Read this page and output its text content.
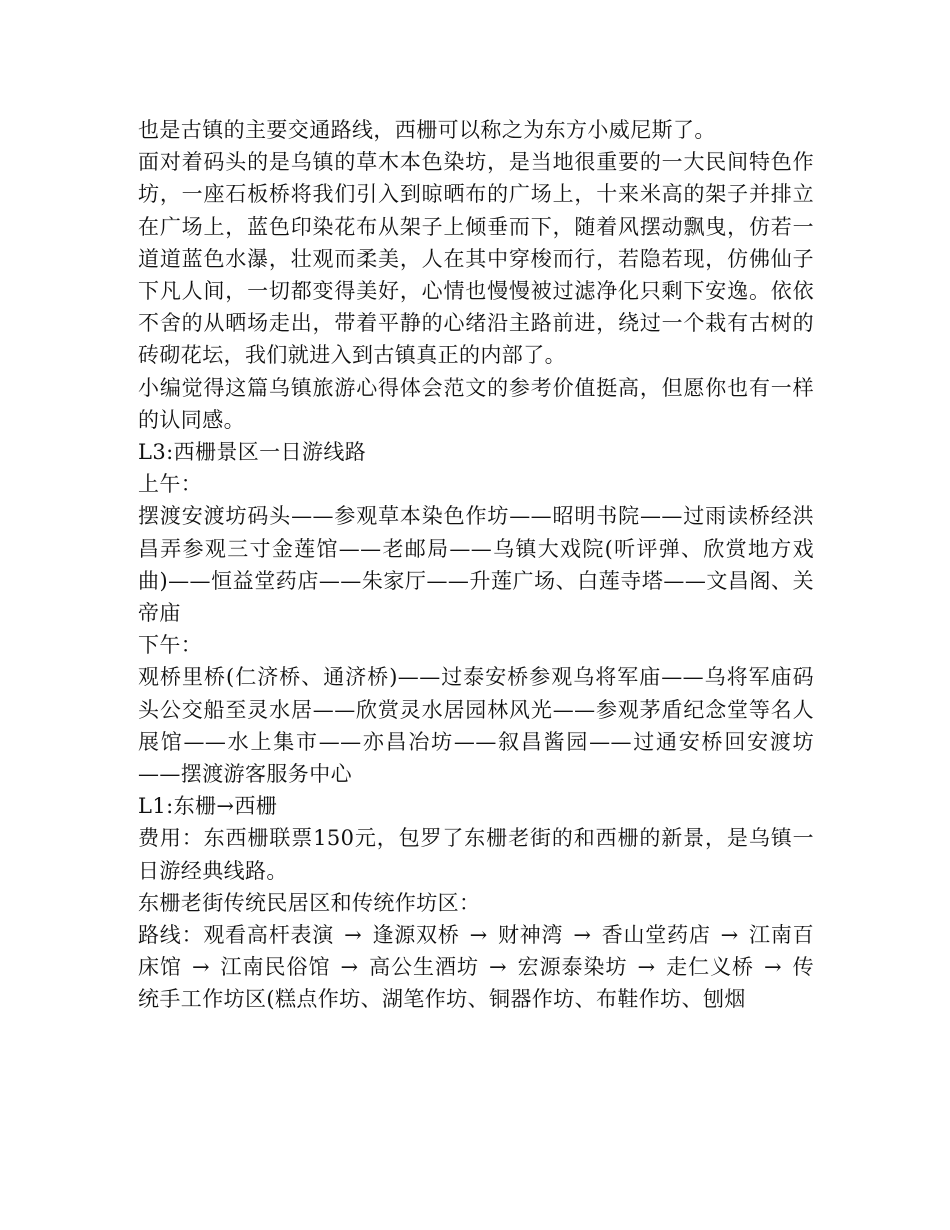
也是古镇的主要交通路线，西栅可以称之为东方小威尼斯了。

面对着码头的是乌镇的草木本色染坊，是当地很重要的一大民间特色作坊，一座石板桥将我们引入到晾晒布的广场上，十来米高的架子并排立在广场上，蓝色印染花布从架子上倾垂而下，随着风摆动飘曳，仿若一道道蓝色水瀑，壮观而柔美，人在其中穿梭而行，若隐若现，仿佛仙子下凡人间，一切都变得美好，心情也慢慢被过滤净化只剩下安逸。依依不舍的从晒场走出，带着平静的心绪沿主路前进，绕过一个栽有古树的砖砌花坛，我们就进入到古镇真正的内部了。

小编觉得这篇乌镇旅游心得体会范文的参考价值挺高，但愿你也有一样的认同感。

L3:西栅景区一日游线路

上午：

摆渡安渡坊码头——参观草本染色作坊——昭明书院——过雨读桥经洪昌弄参观三寸金莲馆——老邮局——乌镇大戏院(听评弹、欣赏地方戏曲)——恒益堂药店——朱家厅——升莲广场、白莲寺塔——文昌阁、关帝庙

下午：

观桥里桥(仁济桥、通济桥)——过泰安桥参观乌将军庙——乌将军庙码头公交船至灵水居——欣赏灵水居园林风光——参观茅盾纪念堂等名人展馆——水上集市——亦昌冶坊——叙昌酱园——过通安桥回安渡坊——摆渡游客服务中心

L1:东栅→西栅

费用：东西栅联票150元，包罗了东栅老街的和西栅的新景，是乌镇一日游经典线路。

东栅老街传统民居区和传统作坊区：

路线：观看高杆表演 → 逢源双桥 → 财神湾 → 香山堂药店 → 江南百床馆 → 江南民俗馆 → 高公生酒坊 → 宏源泰染坊 → 走仁义桥 → 传统手工作坊区(糕点作坊、湖笔作坊、铜器作坊、布鞋作坊、刨烟
